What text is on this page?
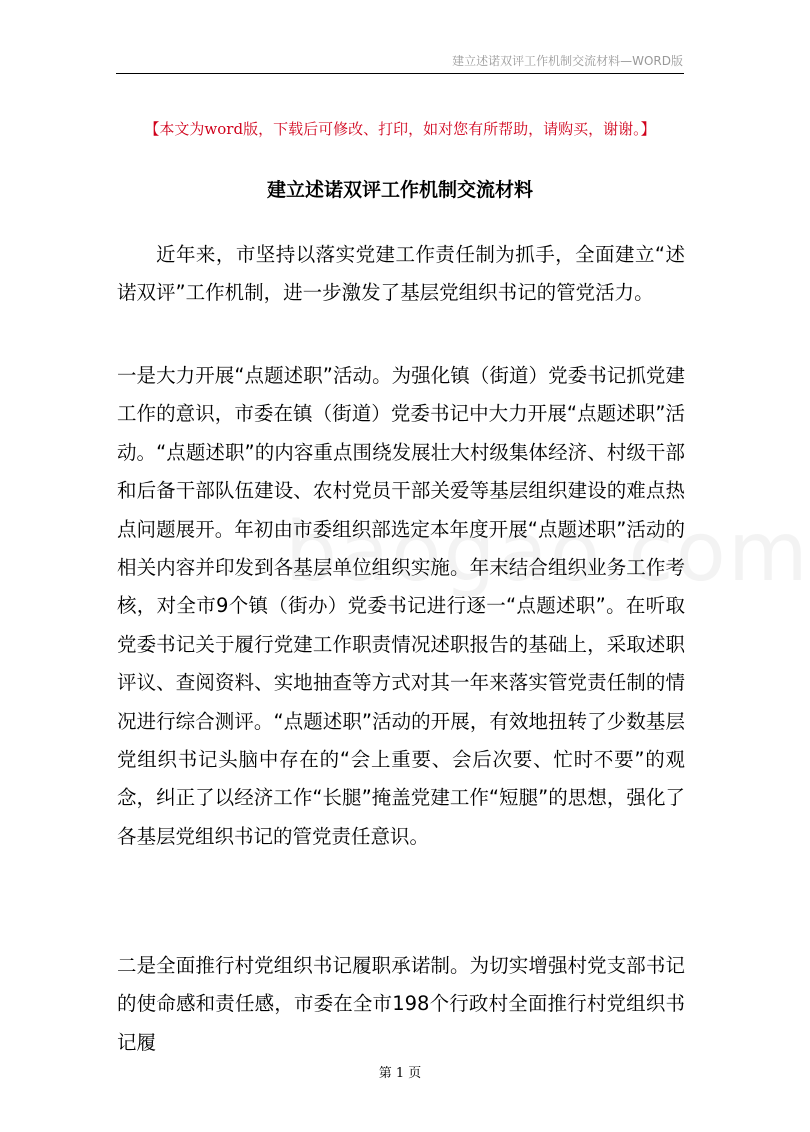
建立述诺双评工作机制交流材料—WORD版
【本文为word版，下载后可修改、打印，如对您有所帮助，请购买，谢谢。】
建立述诺双评工作机制交流材料

近年来，市坚持以落实党建工作责任制为抓手，全面建立“述诺双评”工作机制，进一步激发了基层党组织书记的管党活力。

一是大力开展“点题述职”活动。为强化镇（街道）党委书记抓党建工作的意识，市委在镇（街道）党委书记中大力开展“点题述职”活动。“点题述职”的内容重点围绕发展壮大村级集体经济、村级干部和后备干部队伍建设、农村党员干部关爱等基层组织建设的难点热点问题展开。年初由市委组织部选定本年度开展“点题述职”活动的相关内容并印发到各基层单位组织实施。年末结合组织业务工作考核，对全市9个镇（街办）党委书记进行逐一“点题述职”。在听取党委书记关于履行党建工作职责情况述职报告的基础上，采取述职评议、查阅资料、实地抽查等方式对其一年来落实管党责任制的情况进行综合测评。“点题述职”活动的开展，有效地扭转了少数基层党组织书记头脑中存在的“会上重要、会后次要、忙时不要”的观念，纠正了以经济工作“长腿”掩盖党建工作“短腿”的思想，强化了各基层党组织书记的管党责任意识。

二是全面推行村党组织书记履职承诺制。为切实增强村党支部书记的使命感和责任感，市委在全市198个行政村全面推行村党组织书记履

第 1 页
